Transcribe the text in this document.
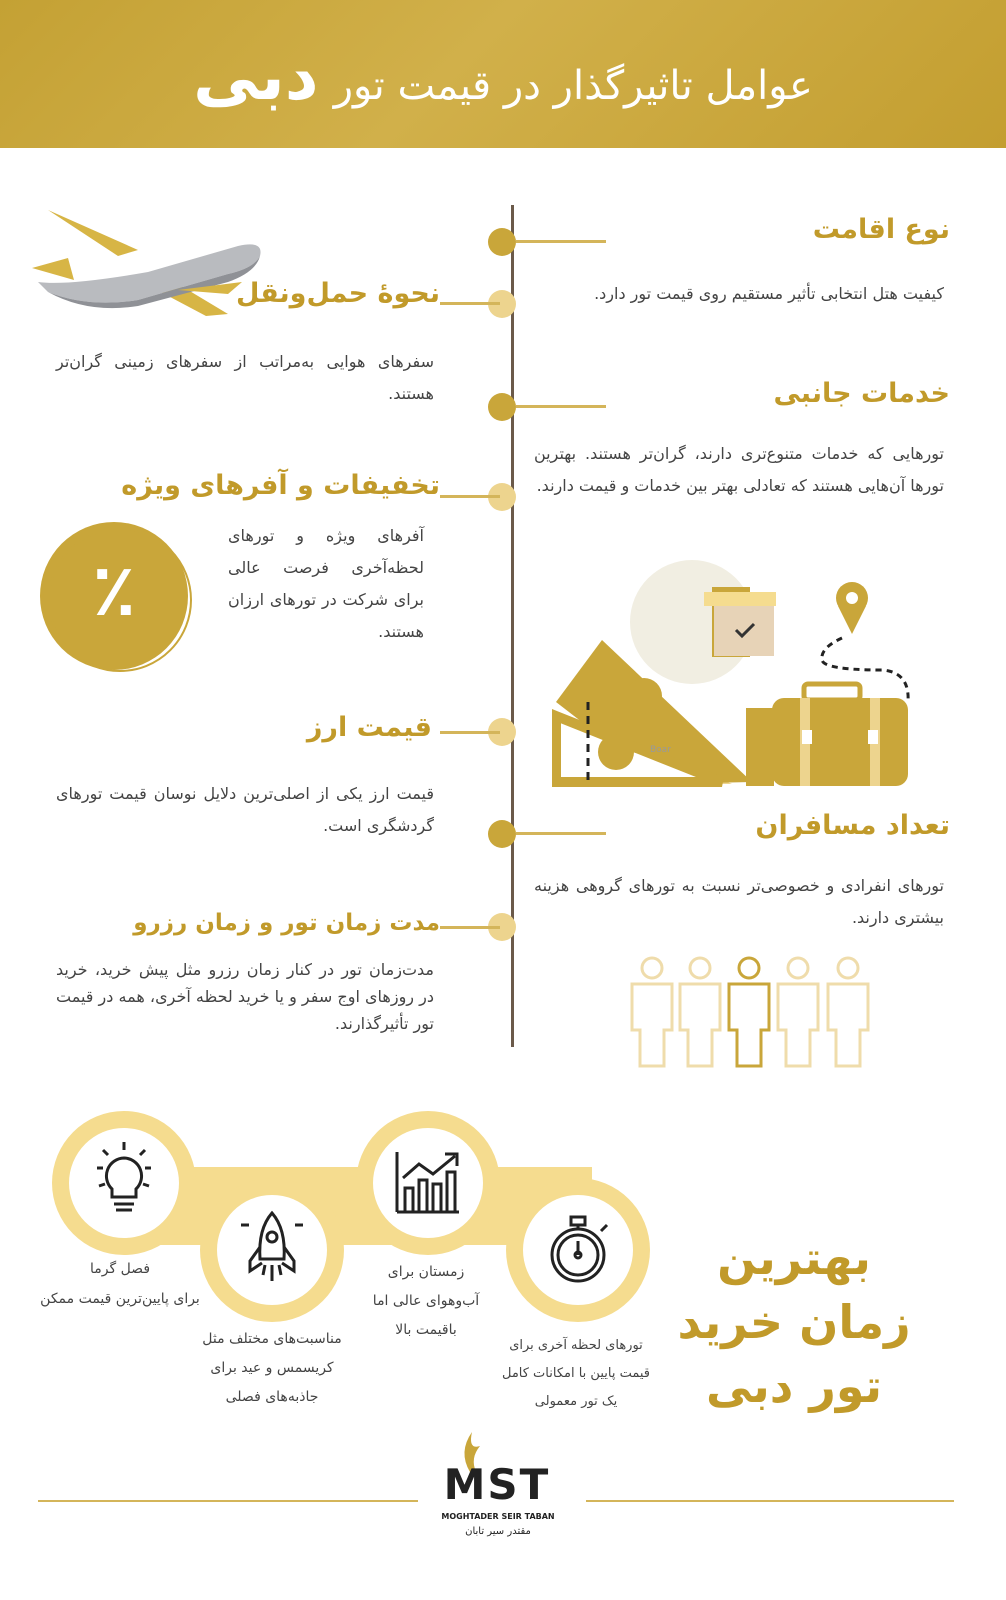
عوامل تاثیرگذار در قیمت تور دبی
نوع اقامت
کیفیت هتل انتخابی تأثیر مستقیم روی قیمت تور دارد.
خدمات جانبی
تورهایی که خدمات متنوع‌تری دارند، گران‌تر هستند. بهترین تورها آن‌هایی هستند که تعادلی بهتر بین خدمات و قیمت دارند.
تعداد مسافران
تورهای انفرادی و خصوصی‌تر نسبت به تورهای گروهی هزینه بیشتری دارند.
نحوهٔ حمل‌ونقل
سفرهای هوایی به‌مراتب از سفرهای زمینی گران‌تر هستند.
تخفیفات و آفرهای ویژه
آفرهای ویژه و تورهای لحظه‌آخری فرصت عالی برای شرکت در تورهای ارزان هستند.
قیمت ارز
قیمت ارز یکی از اصلی‌ترین دلایل نوسان قیمت تورهای گردشگری است.
مدت زمان تور و زمان رزرو
مدت‌زمان تور در کنار زمان رزرو مثل پیش خرید، خرید در روزهای اوج سفر و یا خرید لحظه آخری، همه در قیمت تور تأثیرگذارند.
٪
Boar
فصل گرما
برای پایین‌ترین قیمت ممکن
مناسبت‌های مختلف مثل
کریسمس و عید برای
جاذبه‌های فصلی
زمستان برای
آب‌وهوای عالی اما
باقیمت بالا
تورهای لحظه آخری برای
قیمت پایین با امکانات کامل
یک تور معمولی
بهترین
زمان خرید
تور دبی
MST
MOGHTADER SEIR TABAN
مقتدر سیر تابان
